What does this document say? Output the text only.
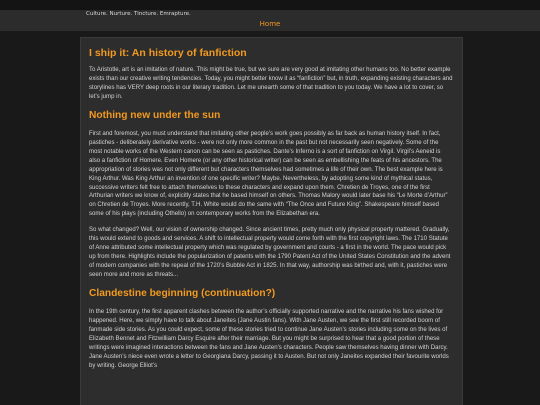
Culture. Nurture. Tincture. Emrapture.
Home
I ship it: An history of fanfiction

To Aristotle, art is an imitation of nature. This might be true, but we sure are very good at imitating other humans too. No better example exists than our creative writing tendencies. Today, you might better know it as “fanfiction” but, in truth, expanding existing characters and storylines has VERY deep roots in our literary tradition. Let me unearth some of that tradition to you today. We have a lot to cover, so let’s jump in.

Nothing new under the sun

First and foremost, you must understand that imitating other people’s work goes possibly as far back as human history itself. In fact, pastiches - deliberately derivative works - were not only more common in the past but not necessarily seen negatively. Some of the most notable works of the Western canon can be seen as pastiches. Dante’s Inferno is a sort of fanfiction on Virgil. Virgil’s Aeneid is also a fanfiction of Homere. Even Homere (or any other historical writer) can be seen as embellishing the feats of his ancestors. The appropriation of stories was not only different but characters themselves had sometimes a life of their own. The best example here is King Arthur. Was King Arthur an invention of one specific writer? Maybe. Nevertheless, by adopting some kind of mythical status, successive writers felt free to attach themselves to these characters and expand upon them. Chretien de Troyes, one of the first Arthurian writers we know of, explicitly states that he based himself on others. Thomas Malory would later base his “Le Morte d’Arthur” on Chretien de Troyes. More recently, T.H. White would do the same with “The Once and Future King”. Shakespeare himself based some of his plays (including Othello) on contemporary works from the Elizabethan era.

So what changed? Well, our vision of ownership changed. Since ancient times, pretty much only physical property mattered. Gradually, this would extend to goods and services. A shift to intellectual property would come forth with the first copyright laws. The 1710 Statute of Anne attributed some intellectual property which was regulated by government and courts - a first in the world. The pace would pick up from there. Highlights include the popularization of patents with the 1790 Patent Act of the United States Constitution and the advent of modern companies with the repeal of the 1720’s Bubble Act in 1825. In that way, authorship was birthed and, with it, pastiches were seen more and more as threats...

Clandestine beginning (continuation?)

In the 19th century, the first apparent clashes between the author’s officially supported narrative and the narrative his fans wished for happened. Here, we simply have to talk about Janeites (Jane Austin fans). With Jane Austen, we see the first still recorded boom of fanmade side stories. As you could expect, some of these stories tried to continue Jane Austen’s stories including some on the lives of Elizabeth Bennet and Fitzwilliam Darcy Esquire after their marriage. But you might be surprised to hear that a good portion of these writings were imagined interactions between the fans and Jane Austen’s characters. People saw themselves having dinner with Darcy. Jane Austen’s niece even wrote a letter to Georgiana Darcy, passing it to Austen. But not only Janeites expanded their favourite worlds by writing. George Elliot’s
